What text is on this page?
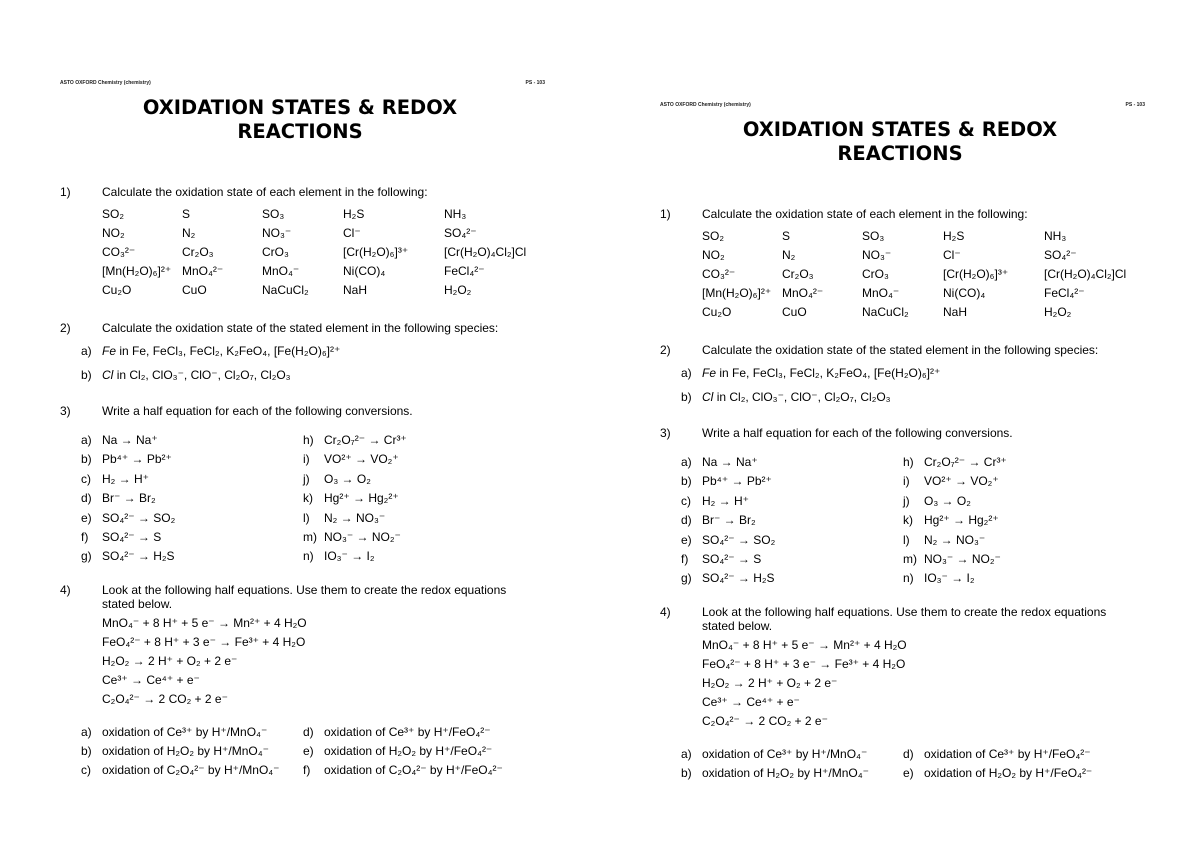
ASTO OXFORD Chemistry (chemistry)	PS - 103
OXIDATION STATES & REDOX
REACTIONS
1)	Calculate the oxidation state of each element in the following:
SO₂	S	SO₃	H₂S	NH₃
NO₂	N₂	NO₃⁻	Cl⁻	SO₄²⁻
CO₃²⁻	Cr₂O₃	CrO₃	[Cr(H₂O)₆]³⁺	[Cr(H₂O)₄Cl₂]Cl
[Mn(H₂O)₆]²⁺ MnO₄²⁻	MnO₄⁻	Ni(CO)₄	FeCl₄²⁻
Cu₂O	CuO	NaCuCl₂	NaH	H₂O₂
2)	Calculate the oxidation state of the stated element in the following species:
a) Fe in Fe, FeCl₃, FeCl₂, K₂FeO₄, [Fe(H₂O)₆]²⁺
b) Cl in Cl₂, ClO₃⁻, ClO⁻, Cl₂O₇, Cl₂O₃
3)	Write a half equation for each of the following conversions.
a) Na → Na⁺
b) Pb⁴⁺ → Pb²⁺
c) H₂ → H⁺
d) Br⁻ → Br₂
e) SO₄²⁻ → SO₂
f) SO₄²⁻ → S
g) SO₄²⁻ → H₂S
h) Cr₂O₇²⁻ → Cr³⁺
i) VO²⁺ → VO₂⁺
j) O₃ → O₂
k) Hg²⁺ → Hg₂²⁺
l) N₂ → NO₃⁻
m) NO₃⁻ → NO₂⁻
n) IO₃⁻ → I₂
4)	Look at the following half equations. Use them to create the redox equations
stated below.
MnO₄⁻ + 8 H⁺ + 5 e⁻ → Mn²⁺ + 4 H₂O
FeO₄²⁻ + 8 H⁺ + 3 e⁻ → Fe³⁺ + 4 H₂O
H₂O₂ → 2 H⁺ + O₂ + 2 e⁻
Ce³⁺ → Ce⁴⁺ + e⁻
C₂O₄²⁻ → 2 CO₂ + 2 e⁻
a) oxidation of Ce³⁺ by H⁺/MnO₄⁻
b) oxidation of H₂O₂ by H⁺/MnO₄⁻
c) oxidation of C₂O₄²⁻ by H⁺/MnO₄⁻
d) oxidation of Ce³⁺ by H⁺/FeO₄²⁻
e) oxidation of H₂O₂ by H⁺/FeO₄²⁻
f) oxidation of C₂O₄²⁻ by H⁺/FeO₄²⁻
ASTO OXFORD Chemistry (chemistry)	PS - 103
OXIDATION STATES & REDOX
REACTIONS
1)	Calculate the oxidation state of each element in the following:
SO₂	S	SO₃	H₂S	NH₃
NO₂	N₂	NO₃⁻	Cl⁻	SO₄²⁻
CO₃²⁻	Cr₂O₃	CrO₃	[Cr(H₂O)₆]³⁺	[Cr(H₂O)₄Cl₂]Cl
[Mn(H₂O)₆]²⁺ MnO₄²⁻	MnO₄⁻	Ni(CO)₄	FeCl₄²⁻
Cu₂O	CuO	NaCuCl₂	NaH	H₂O₂
2)	Calculate the oxidation state of the stated element in the following species:
a) Fe in Fe, FeCl₃, FeCl₂, K₂FeO₄, [Fe(H₂O)₆]²⁺
b) Cl in Cl₂, ClO₃⁻, ClO⁻, Cl₂O₇, Cl₂O₃
3)	Write a half equation for each of the following conversions.
a) Na → Na⁺
b) Pb⁴⁺ → Pb²⁺
c) H₂ → H⁺
d) Br⁻ → Br₂
e) SO₄²⁻ → SO₂
f) SO₄²⁻ → S
g) SO₄²⁻ → H₂S
h) Cr₂O₇²⁻ → Cr³⁺
i) VO²⁺ → VO₂⁺
j) O₃ → O₂
k) Hg²⁺ → Hg₂²⁺
l) N₂ → NO₃⁻
m) NO₃⁻ → NO₂⁻
n) IO₃⁻ → I₂
4)	Look at the following half equations. Use them to create the redox equations
stated below.
MnO₄⁻ + 8 H⁺ + 5 e⁻ → Mn²⁺ + 4 H₂O
FeO₄²⁻ + 8 H⁺ + 3 e⁻ → Fe³⁺ + 4 H₂O
H₂O₂ → 2 H⁺ + O₂ + 2 e⁻
Ce³⁺ → Ce⁴⁺ + e⁻
C₂O₄²⁻ → 2 CO₂ + 2 e⁻
a) oxidation of Ce³⁺ by H⁺/MnO₄⁻
b) oxidation of H₂O₂ by H⁺/MnO₄⁻
d) oxidation of Ce³⁺ by H⁺/FeO₄²⁻
e) oxidation of H₂O₂ by H⁺/FeO₄²⁻
